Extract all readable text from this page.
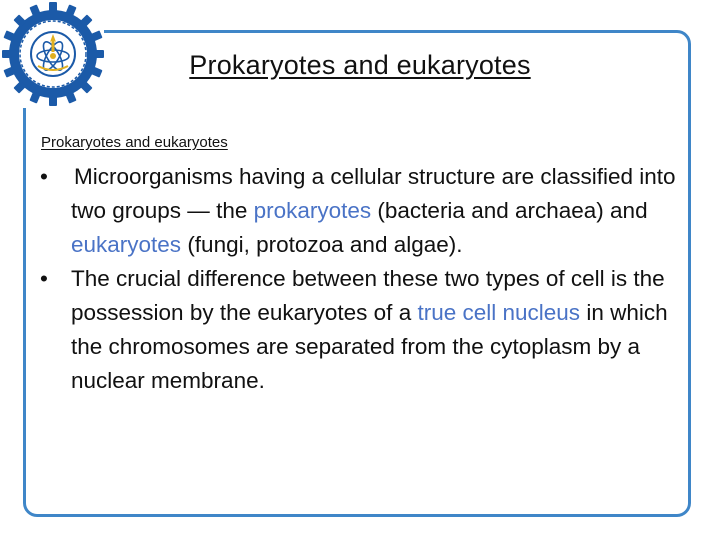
Prokaryotes and eukaryotes
Prokaryotes and eukaryotes
• Microorganisms having a cellular structure are classified into two groups — the prokaryotes (bacteria and archaea) and eukaryotes (fungi, protozoa and algae).
• The crucial difference between these two types of cell is the possession by the eukaryotes of a true cell nucleus in which the chromosomes are separated from the cytoplasm by a nuclear membrane.
